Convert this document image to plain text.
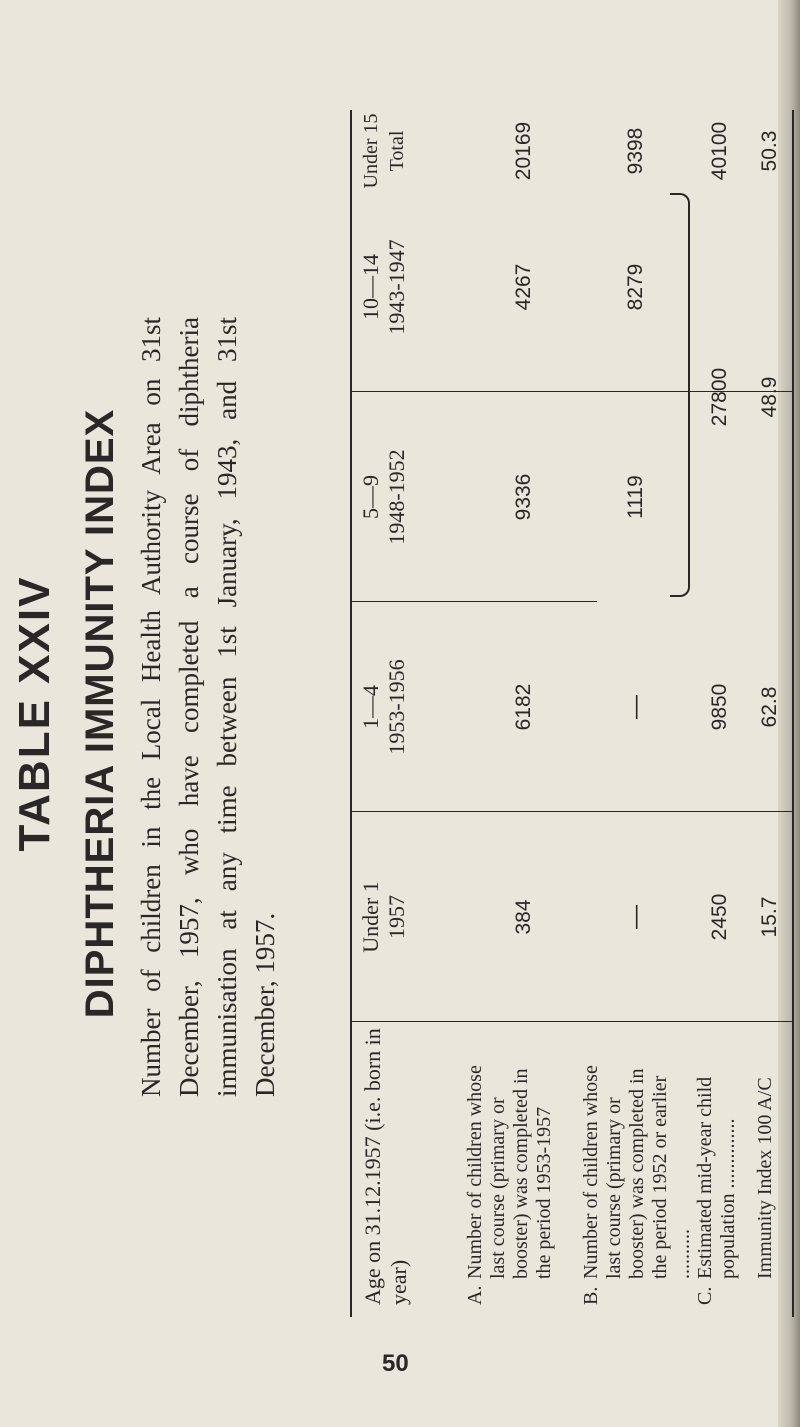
TABLE XXIV DIPHTHERIA IMMUNITY INDEX Number of children in the Local Health Authority Area on 31st December, 1957, who have completed a course of diphtheria immunisation at any time between 1st January, 1943, and 31st December, 1957.
Age on 31.12.1957 (i.e. born in year)
Under 1 1957
1—4 1953-1956
5—9 1948-1952
10—14 1943-1947
Under 15 Total
A.
Number of children whose last course (primary or booster) was completed in the period 1953-1957
384
6182
9336
4267
20169
B.
Number of children whose last course (primary or booster) was completed in the period 1952 or earlier ..........
—
—
1119
8279
9398
C.
Estimated mid-year child population ..............
2450
9850
27800
40100
Immunity Index 100 A/C
15.7
62.8
48.9
50.3
50
